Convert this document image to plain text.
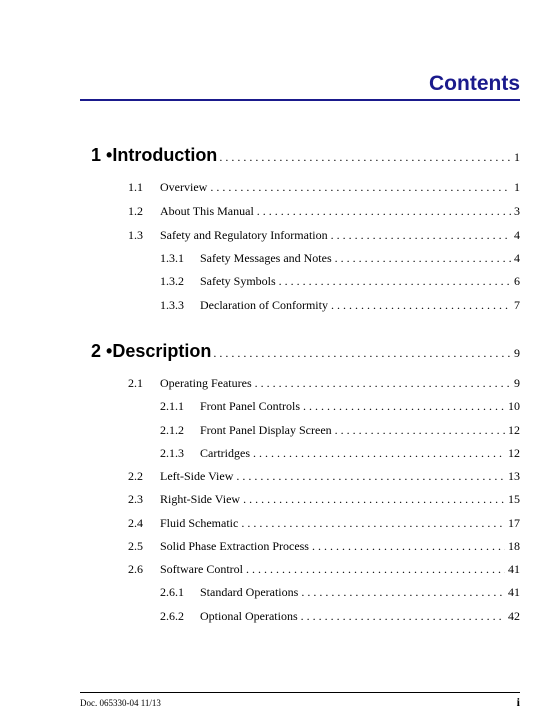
Contents
1 • Introduction . . .	1
1.1	Overview . . .	1
1.2	About This Manual . . .	3
1.3	Safety and Regulatory Information . . .	4
1.3.1	Safety Messages and Notes . . .	4
1.3.2	Safety Symbols . . .	6
1.3.3	Declaration of Conformity . . .	7
2 • Description . . .	9
2.1	Operating Features . . .	9
2.1.1	Front Panel Controls . . .	10
2.1.2	Front Panel Display Screen . . .	12
2.1.3	Cartridges . . .	12
2.2	Left-Side View . . .	13
2.3	Right-Side View . . .	15
2.4	Fluid Schematic . . .	17
2.5	Solid Phase Extraction Process . . .	18
2.6	Software Control . . .	41
2.6.1	Standard Operations . . .	41
2.6.2	Optional Operations . . .	42
Doc. 065330-04 11/13	i
